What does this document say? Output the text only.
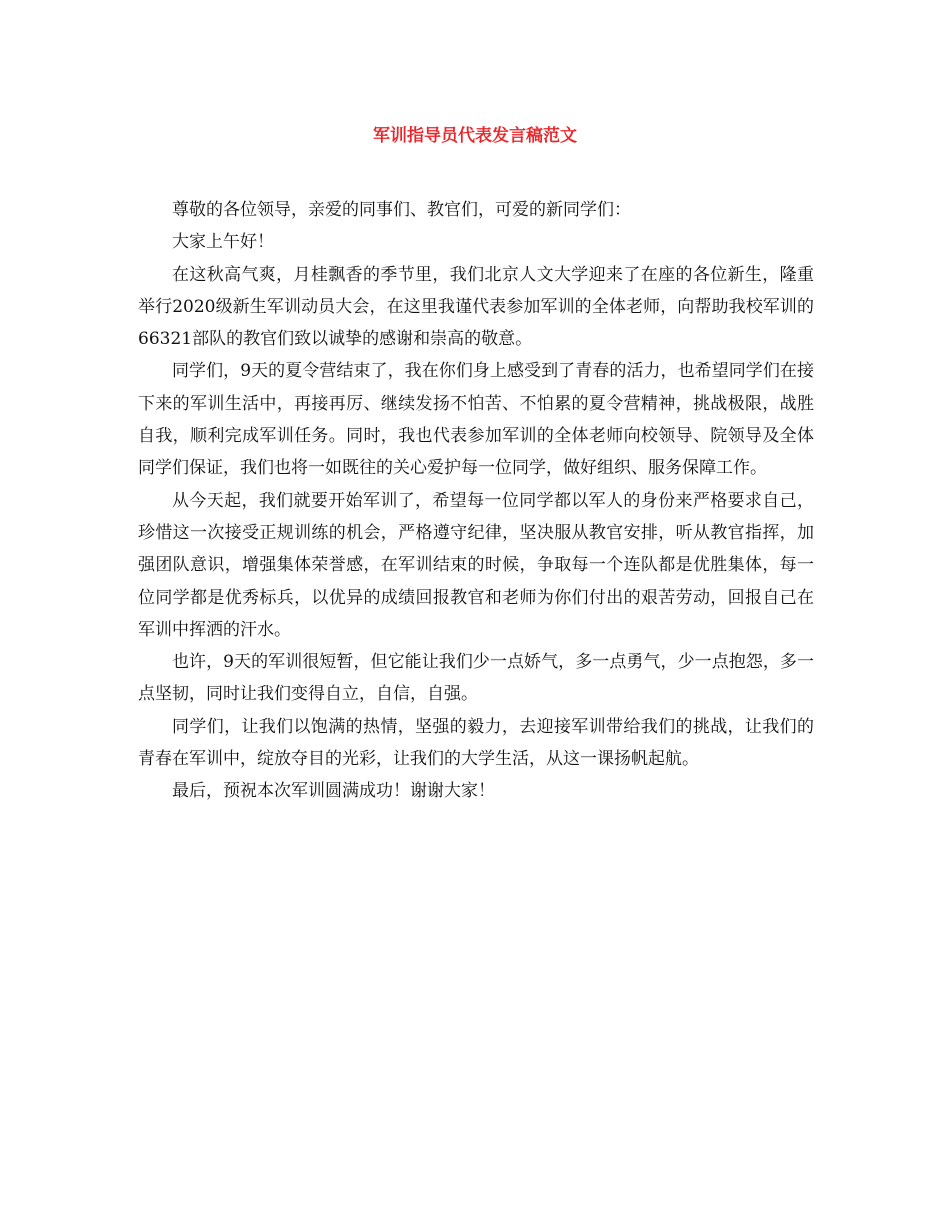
军训指导员代表发言稿范文

尊敬的各位领导，亲爱的同事们、教官们，可爱的新同学们：

大家上午好！

在这秋高气爽，月桂飘香的季节里，我们北京人文大学迎来了在座的各位新生，隆重举行2020级新生军训动员大会，在这里我谨代表参加军训的全体老师，向帮助我校军训的66321部队的教官们致以诚挚的感谢和崇高的敬意。

同学们，9天的夏令营结束了，我在你们身上感受到了青春的活力，也希望同学们在接下来的军训生活中，再接再厉、继续发扬不怕苦、不怕累的夏令营精神，挑战极限，战胜自我，顺利完成军训任务。同时，我也代表参加军训的全体老师向校领导、院领导及全体同学们保证，我们也将一如既往的关心爱护每一位同学，做好组织、服务保障工作。

从今天起，我们就要开始军训了，希望每一位同学都以军人的身份来严格要求自己，珍惜这一次接受正规训练的机会，严格遵守纪律，坚决服从教官安排，听从教官指挥，加强团队意识，增强集体荣誉感，在军训结束的时候，争取每一个连队都是优胜集体，每一位同学都是优秀标兵，以优异的成绩回报教官和老师为你们付出的艰苦劳动，回报自己在军训中挥洒的汗水。

也许，9天的军训很短暂，但它能让我们少一点娇气，多一点勇气，少一点抱怨，多一点坚韧，同时让我们变得自立，自信，自强。

同学们，让我们以饱满的热情，坚强的毅力，去迎接军训带给我们的挑战，让我们的青春在军训中，绽放夺目的光彩，让我们的大学生活，从这一课扬帆起航。

最后，预祝本次军训圆满成功！谢谢大家！
